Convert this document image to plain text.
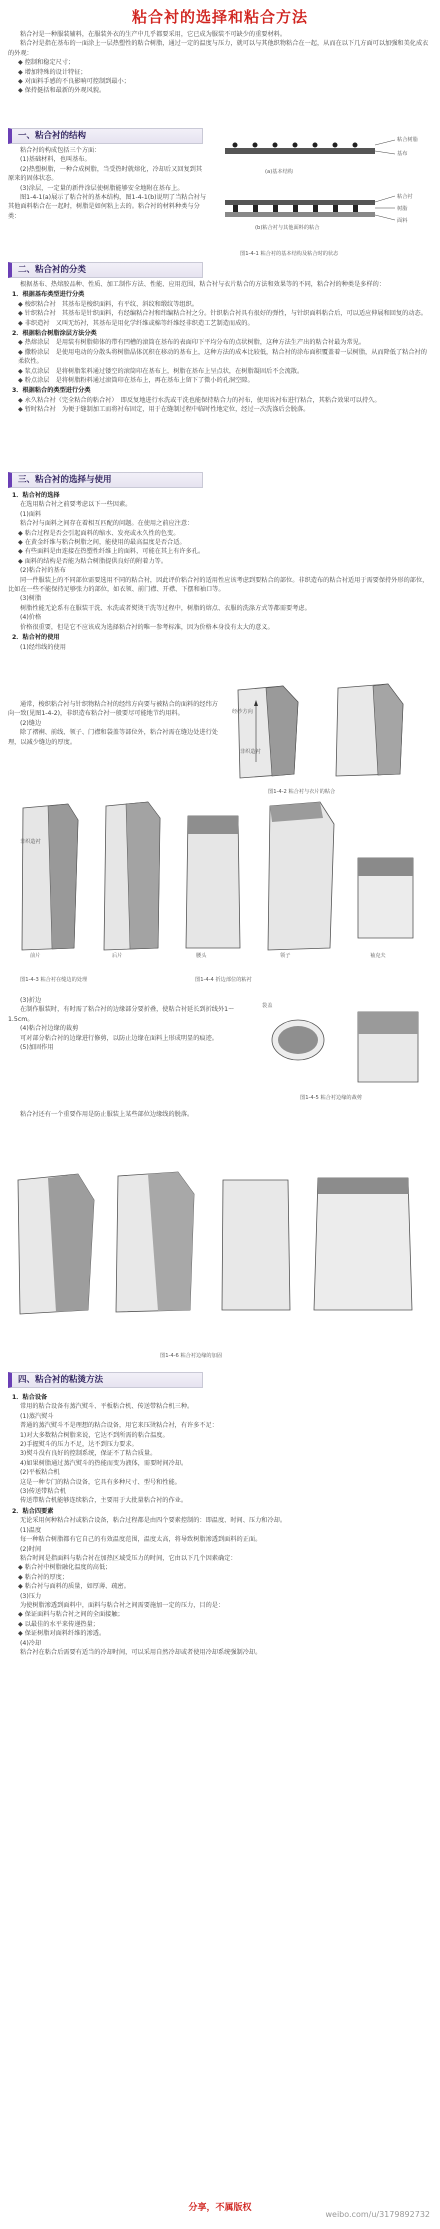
粘合衬的选择和粘合方法

粘合衬是一种服装辅料，在服装外衣的生产中几乎都要采用，它已成为服装不可缺少的重要材料。

粘合衬是指在基布的一面涂上一层热塑性的粘合树脂，通过一定的温度与压力，就可以与其他织物粘合在一起，从而在以下几方面可以加强和美化成衣的外观：

◆ 控制和稳定尺寸；

◆ 增加特殊的设计特征；

◆ 对面料手感的不良影响可控制到最小；

◆ 保持挺括和最新的外观风貌。

一、粘合衬的结构

粘合衬的构成包括三个方面：

(1)基础材料，也叫基布。

(2)热塑树脂，一种合成树脂，当受热时就熔化，冷却后又回复到其原来的固体状态。

(3)涂层，一定量的新件涂层使树脂能够安全地附在基布上。

图1-4-1(a)展示了粘合衬的基本结构，图1-4-1(b)说明了当粘合衬与其他面料粘合在一起时，树脂是如何粘上去的。粘合衬的材料种类与分类：

粘合树脂
基布
粘合衬
树脂
面料
(a)基本结构
(b)粘合衬与其他面料的粘合
图1-4-1 粘合衬的基本结构及粘合时的状态
二、粘合衬的分类

根据基布、热熔胶品种、性质、加工制作方法、性能、应用范围，粘合衬与衣片粘合的方法和效果等的不同，粘合衬的种类是多样的：

1．根据基布类型进行分类

◆ 梭织粘合衬　其基布是梭织面料，有平纹、斜纹和缎纹等组织。

◆ 针织粘合衬　其基布是针织面料，有经编粘合衬和纬编粘合衬之分。针织粘合衬具有很好的弹性，与针织面料粘合后，可以适应伸展和回复的动态。

◆ 非织造衬　又叫无纺衬，其基布是用化学纤维或棉等纤维经非织造工艺制造而成的。

2．根据粘合树脂涂层方法分类

◆ 热熔涂层　是用装有树脂筛体的带有凹槽的滚筒在基布的表面印下平均分布的点状树脂，这种方法生产出的粘合衬最为常见。

◆ 撒粉涂层　是使用电动的分散头将树脂晶体沉积在移动的基布上，这种方法的成本比较低，粘合衬的涂布面积覆盖着一层树脂，从而降低了粘合衬的柔软性。

◆ 浆点涂层　是将树脂浆料通过镂空的滚筒印在基布上，树脂在基布上呈点状，在树脂凝固后不会流散。

◆ 粉点涂层　是将树脂粉料通过滚筒印在基布上，再在基布上留下了微小的孔洞空隙。

3．根据粘合的类型进行分类

◆ 永久粘合衬（完全粘合的粘合衬）　即反复地进行水洗或干洗也能保持粘合力的衬布，使用该衬布进行粘合，其粘合效果可以持久。

◆ 暂时粘合衬　为便于缝制加工而将衬布固定，用于在缝制过程中临时性地定位，经过一次洗涤后会脱落。

三、粘合衬的选择与使用

1．粘合衬的选择

在选用粘合衬之前要考虑以下一些因素。

(1)面料

粘合衬与面料之间存在着相互匹配的问题。在使用之前应注意：

◆ 粘合过程是否会引起面料的缩水、发亮或永久性的色变。

◆ 在黄金纤维与粘合树脂之间，能使用的最高温度是否合适。

◆ 有些面料是由连接在热塑性纤维上的面料，可能在其上有许多孔。

◆ 面料的结构是否能为粘合树脂提供良好的附着力等。

(2)粘合衬的基布

同一件服装上的不同部位需要选用不同的粘合衬，因此评价粘合衬的适用性应该考虑到要粘合的部位。非织造布的粘合衬适用于需要保持外形的部位，比如在一些不能保持足够张力的部位，如衣领、前门襟、开襟、下摆和袖口等。

(3)树脂

树脂性能无论系有在服装干洗、水洗或者熨烫干洗等过程中，树脂的熔点、衣服的洗涤方式等都需要考虑。

(4)价格

价格很重要，但是它不应该成为选择粘合衬的唯一参考标准，因为价格本身没有太大的意义。

2．粘合衬的使用

(1)经纬线的使用

通常，梭织粘合衬与针织物粘合衬的经纬方向要与被粘合的面料的经纬方向一致(见图1-4-2)，非织造布粘合衬一般要尽可能地节约用料。

(2)缝边

除了褶裥、前线、领子、门襟和袋盖等部位外，粘合衬需在缝边处进行处理，以减少缝边的厚度。

经纱方向
非织造衬
图1-4-2 粘合衬与衣片的粘合
非织造衬
前片	后片	腰头	领子	袖克夫
图1-4-3 粘合衬在缝边的处理	图1-4-4 折边部位的粘衬

(3)折边

在制作服装时，有时需了粘合衬的边缘部分要折叠，使粘合衬延长到折线外1～1.5cm。

(4)粘合衬边缘的裁剪

可对部分粘合衬的边缘进行修剪，以防止边缘在面料上形成明显的痕迹。

(5)加固作用

袋盖
图1-4-5 粘合衬边缘的裁剪

粘合衬还有一个重要作用是防止服装上某些部位边缘线的脱落。

图1-4-6 粘合衬边缘的加固
四、粘合衬的粘烫方法

1．粘合设备

常用的粘合设备有蒸汽熨斗、平板粘合机、传送带粘合机三种。

(1)蒸汽熨斗

普通的蒸汽熨斗不是理想的粘合设备，用它来压烫粘合衬，有许多不足：

1)对大多数粘合树脂来说，它达不到所需的粘合温度。

2)手握熨斗的压力不足，达不到压力要求。

3)熨斗没有良好的控制系统，保证不了粘合质量。

4)如果树脂通过蒸汽熨斗的热能而变为液体，需要时间冷却。

(2)平板粘合机

这是一种专门的粘合设备，它具有多种尺寸、型号和性能。

(3)传送带粘合机

传送带粘合机能够连续粘合，主要用于大批量粘合衬的作业。

2．粘合四要素

无论采用何种粘合衬或粘合设备，粘合过程都是由四个要素控制的：即温度、时间、压力和冷却。

(1)温度

每一种粘合树脂都有它自己的有效温度范围，温度太高，将导致树脂渗透到面料的正面。

(2)时间

粘合时间是指面料与粘合衬在加热区域受压力的时间，它由以下几个因素确定：

◆ 粘合衬中树脂融化温度的高低；

◆ 粘合衬的厚度；

◆ 粘合衬与面料的质量，如厚薄、疏密。

(3)压力

为使树脂渗透到面料中，面料与粘合衬之间需要施加一定的压力，目的是：

◆ 保证面料与粘合衬之间的全面接触；

◆ 以最佳的水平来传递热量；

◆ 保证树脂对面料纤维的渗透。

(4)冷却

粘合衬在粘合后需要有适当的冷却时间，可以采用自然冷却或者使用冷却系统强制冷却。

分享，不属版权
weibo.com/u/3179892732
